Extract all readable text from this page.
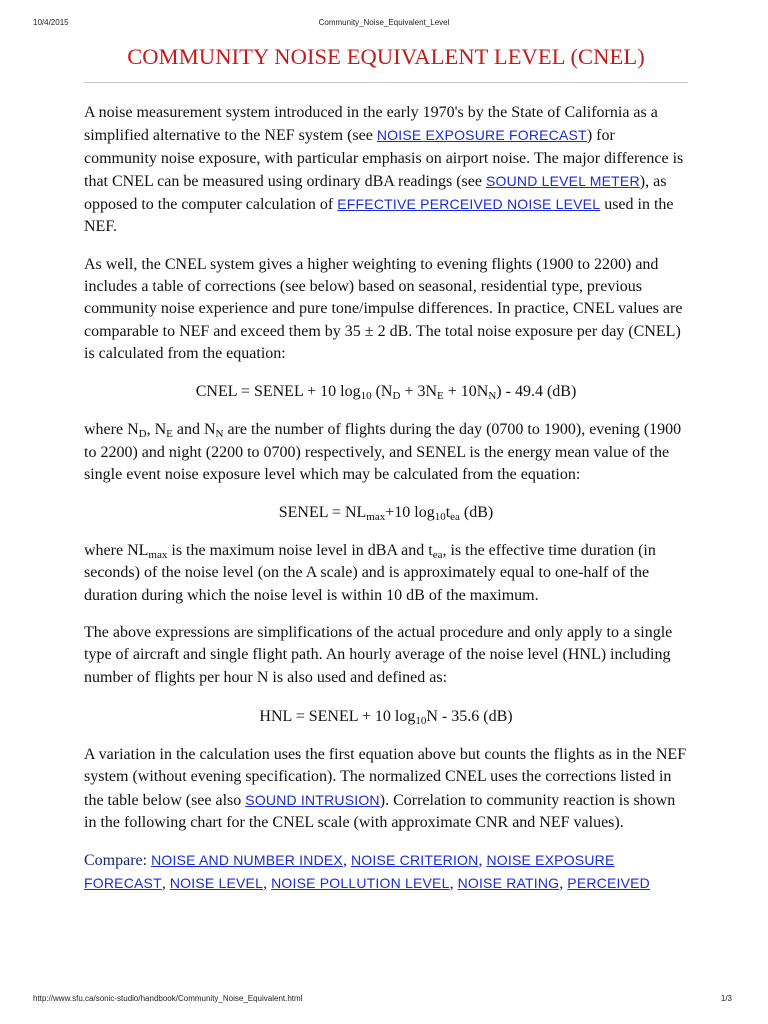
10/4/2015	Community_Noise_Equivalent_Level
COMMUNITY NOISE EQUIVALENT LEVEL (CNEL)

A noise measurement system introduced in the early 1970's by the State of California as a simplified alternative to the NEF system (see NOISE EXPOSURE FORECAST) for community noise exposure, with particular emphasis on airport noise. The major difference is that CNEL can be measured using ordinary dBA readings (see SOUND LEVEL METER), as opposed to the computer calculation of EFFECTIVE PERCEIVED NOISE LEVEL used in the NEF.

As well, the CNEL system gives a higher weighting to evening flights (1900 to 2200) and includes a table of corrections (see below) based on seasonal, residential type, previous community noise experience and pure tone/impulse differences. In practice, CNEL values are comparable to NEF and exceed them by 35 ± 2 dB. The total noise exposure per day (CNEL) is calculated from the equation:

CNEL = SENEL + 10 $\log_{10} (N_D + 3N_E + 10N_N) - 49.4$ (dB)

where $N_D$, $N_E$ and $N_N$ are the number of flights during the day (0700 to 1900), evening (1900 to 2200) and night (2200 to 0700) respectively, and SENEL is the energy mean value of the single event noise exposure level which may be calculated from the equation:

SENEL = $NL_{max}+10$ $\log_{10}t_{ea}$ (dB)

where $NL_{max}$ is the maximum noise level in dBA and $t_{ea}$, is the effective time duration (in seconds) of the noise level (on the A scale) and is approximately equal to one-half of the duration during which the noise level is within 10 dB of the maximum.

The above expressions are simplifications of the actual procedure and only apply to a single type of aircraft and single flight path. An hourly average of the noise level (HNL) including number of flights per hour N is also used and defined as:

HNL = SENEL + 10 $\log_{10}N - 35.6$ (dB)

A variation in the calculation uses the first equation above but counts the flights as in the NEF system (without evening specification). The normalized CNEL uses the corrections listed in the table below (see also SOUND INTRUSION). Correlation to community reaction is shown in the following chart for the CNEL scale (with approximate CNR and NEF values).

Compare: NOISE AND NUMBER INDEX, NOISE CRITERION, NOISE EXPOSURE FORECAST, NOISE LEVEL, NOISE POLLUTION LEVEL, NOISE RATING, PERCEIVED

http://www.sfu.ca/sonic-studio/handbook/Community_Noise_Equivalent.html	1/3
